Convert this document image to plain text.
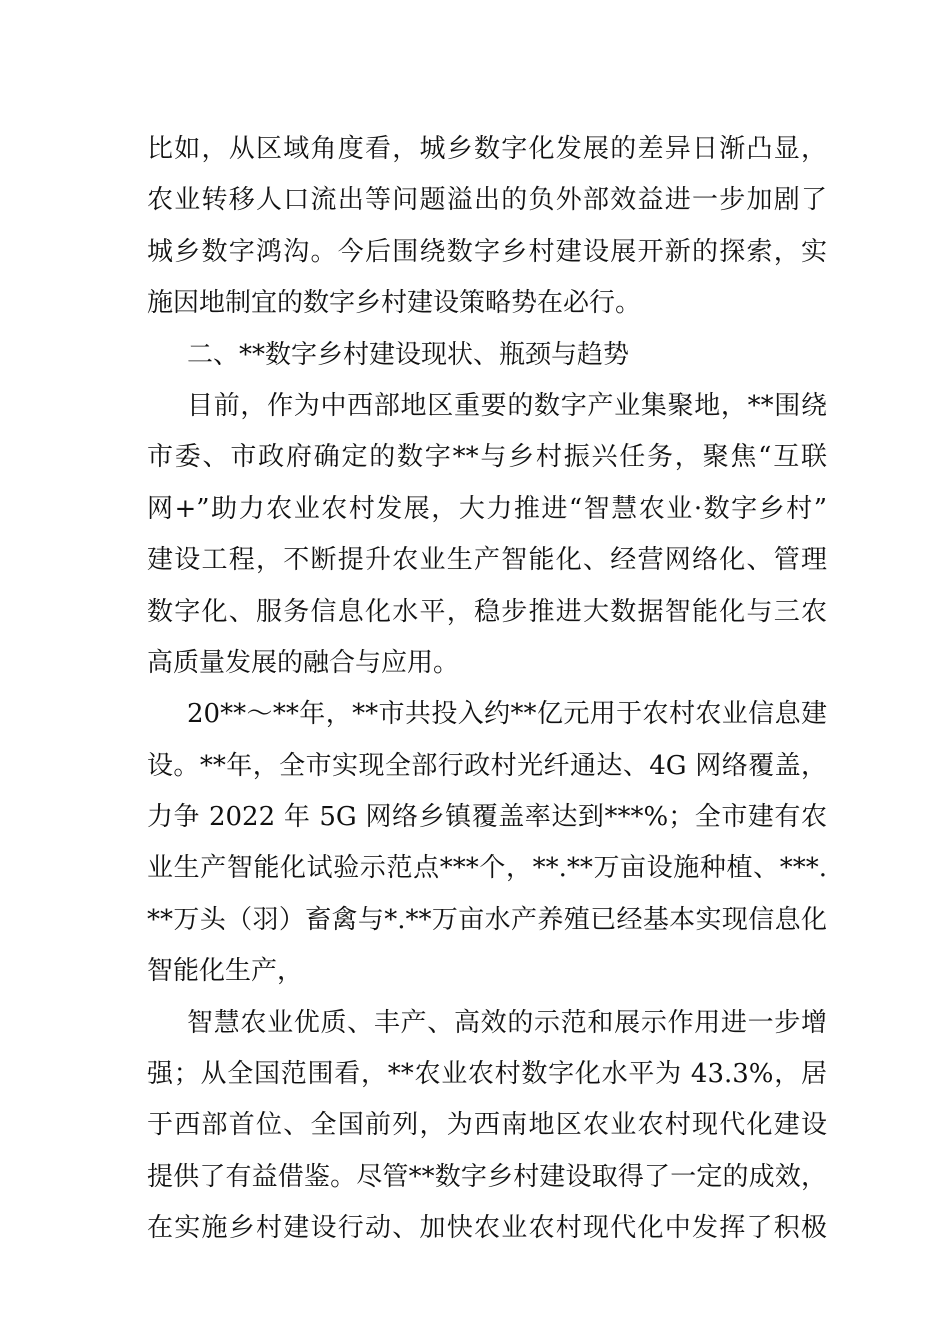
比如，从区域角度看，城乡数字化发展的差异日渐凸显，
农业转移人口流出等问题溢出的负外部效益进一步加剧了
城乡数字鸿沟。今后围绕数字乡村建设展开新的探索，实
施因地制宜的数字乡村建设策略势在必行。
二、**数字乡村建设现状、瓶颈与趋势
目前，作为中西部地区重要的数字产业集聚地，**围绕
市委、市政府确定的数字**与乡村振兴任务，聚焦“互联
网+”助力农业农村发展，大力推进“智慧农业·数字乡村”
建设工程，不断提升农业生产智能化、经营网络化、管理
数字化、服务信息化水平，稳步推进大数据智能化与三农
高质量发展的融合与应用。
20**～**年，**市共投入约**亿元用于农村农业信息建
设。**年，全市实现全部行政村光纤通达、4G 网络覆盖，
力争 2022 年 5G 网络乡镇覆盖率达到***%；全市建有农
业生产智能化试验示范点***个，**.**万亩设施种植、***.
**万头（羽）畜禽与*.**万亩水产养殖已经基本实现信息化
智能化生产，
智慧农业优质、丰产、高效的示范和展示作用进一步增
强；从全国范围看，**农业农村数字化水平为 43.3%，居
于西部首位、全国前列，为西南地区农业农村现代化建设
提供了有益借鉴。尽管**数字乡村建设取得了一定的成效，
在实施乡村建设行动、加快农业农村现代化中发挥了积极
